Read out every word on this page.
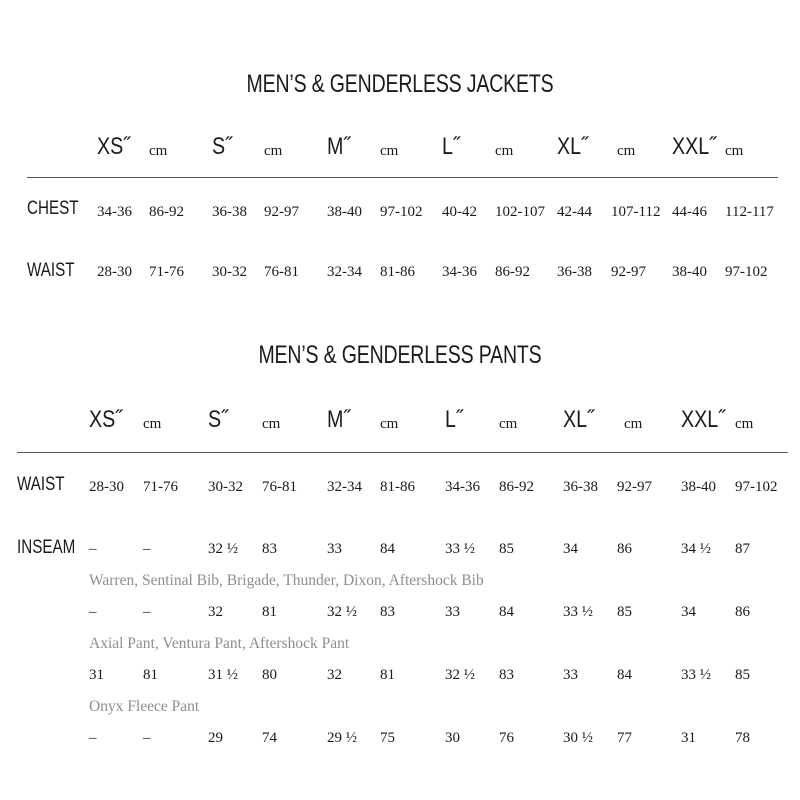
MEN’S & GENDERLESS JACKETS
XS˝ cm S˝ cm M˝ cm L˝ cm XL˝ cm XXL˝ cm
CHEST 34-36 86-92 36-38 92-97 38-40 97-102 40-42 102-107 42-44 107-112 44-46 112-117
WAIST 28-30 71-76 30-32 76-81 32-34 81-86 34-36 86-92 36-38 92-97 38-40 97-102
MEN’S & GENDERLESS PANTS
XS˝ cm S˝ cm M˝ cm L˝ cm XL˝ cm XXL˝ cm
WAIST 28-30 71-76 30-32 76-81 32-34 81-86 34-36 86-92 36-38 92-97 38-40 97-102
INSEAM –	–	32 ½ 83	33	84	33 ½ 85	34	86	34 ½ 87
Warren, Sentinal Bib, Brigade, Thunder, Dixon, Aftershock Bib
–	–	32	81	32 ½ 83	33	84	33 ½ 85	34	86
Axial Pant, Ventura Pant, Aftershock Pant
31	81	31 ½ 80	32	81	32 ½ 83	33	84	33 ½ 85
Onyx Fleece Pant
–	–	29	74	29 ½ 75	30	76	30 ½ 77	31	78
